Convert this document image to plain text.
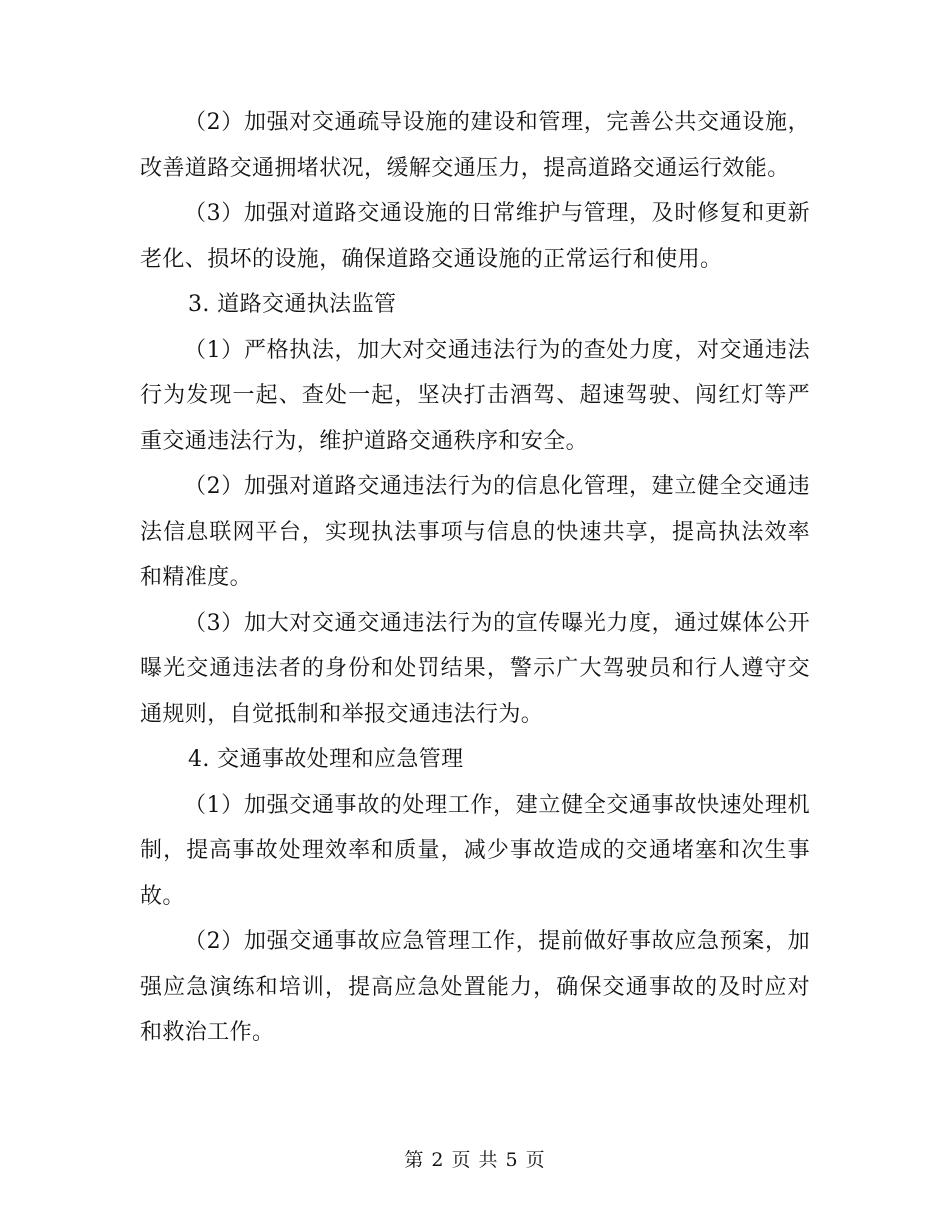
（2）加强对交通疏导设施的建设和管理，完善公共交通设施，改善道路交通拥堵状况，缓解交通压力，提高道路交通运行效能。

（3）加强对道路交通设施的日常维护与管理，及时修复和更新老化、损坏的设施，确保道路交通设施的正常运行和使用。

3. 道路交通执法监管

（1）严格执法，加大对交通违法行为的查处力度，对交通违法行为发现一起、查处一起，坚决打击酒驾、超速驾驶、闯红灯等严重交通违法行为，维护道路交通秩序和安全。

（2）加强对道路交通违法行为的信息化管理，建立健全交通违法信息联网平台，实现执法事项与信息的快速共享，提高执法效率和精准度。

（3）加大对交通交通违法行为的宣传曝光力度，通过媒体公开曝光交通违法者的身份和处罚结果，警示广大驾驶员和行人遵守交通规则，自觉抵制和举报交通违法行为。

4. 交通事故处理和应急管理

（1）加强交通事故的处理工作，建立健全交通事故快速处理机制，提高事故处理效率和质量，减少事故造成的交通堵塞和次生事故。

（2）加强交通事故应急管理工作，提前做好事故应急预案，加强应急演练和培训，提高应急处置能力，确保交通事故的及时应对和救治工作。

第 2 页 共 5 页
